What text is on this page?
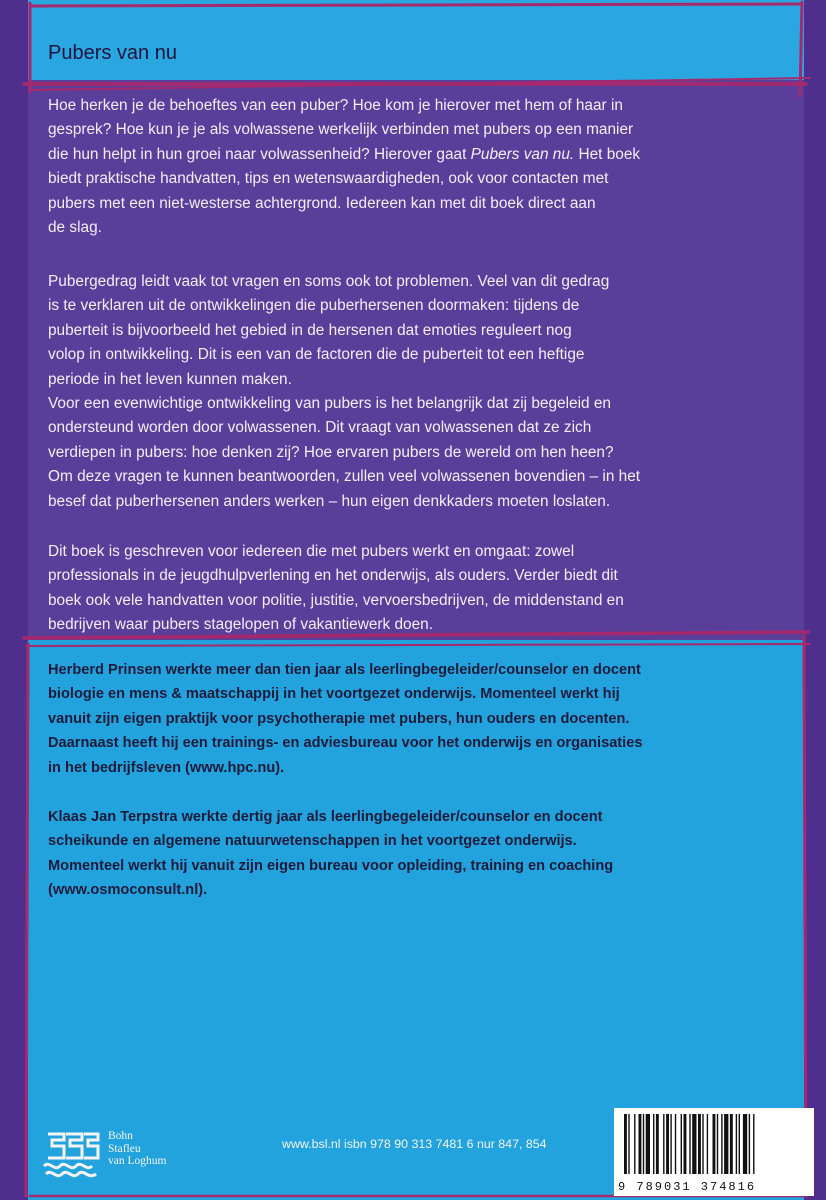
Pubers van nu

Hoe herken je de behoeftes van een puber? Hoe kom je hierover met hem of haar in

gesprek? Hoe kun je je als volwassene werkelijk verbinden met pubers op een manier

die hun helpt in hun groei naar volwassenheid? Hierover gaat Pubers van nu. Het boek

biedt praktische handvatten, tips en wetenswaardigheden, ook voor contacten met

pubers met een niet-westerse achtergrond. Iedereen kan met dit boek direct aan

de slag.

Pubergedrag leidt vaak tot vragen en soms ook tot problemen. Veel van dit gedrag

is te verklaren uit de ontwikkelingen die puberhersenen doormaken: tijdens de

puberteit is bijvoorbeeld het gebied in de hersenen dat emoties reguleert nog

volop in ontwikkeling. Dit is een van de factoren die de puberteit tot een heftige

periode in het leven kunnen maken.

Voor een evenwichtige ontwikkeling van pubers is het belangrijk dat zij begeleid en

ondersteund worden door volwassenen. Dit vraagt van volwassenen dat ze zich

verdiepen in pubers: hoe denken zij? Hoe ervaren pubers de wereld om hen heen?

Om deze vragen te kunnen beantwoorden, zullen veel volwassenen bovendien – in het

besef dat puberhersenen anders werken – hun eigen denkkaders moeten loslaten.

Dit boek is geschreven voor iedereen die met pubers werkt en omgaat: zowel

professionals in de jeugdhulpverlening en het onderwijs, als ouders. Verder biedt dit

boek ook vele handvatten voor politie, justitie, vervoersbedrijven, de middenstand en

bedrijven waar pubers stagelopen of vakantiewerk doen.

Herberd Prinsen werkte meer dan tien jaar als leerlingbegeleider/counselor en docent

biologie en mens & maatschappij in het voortgezet onderwijs. Momenteel werkt hij

vanuit zijn eigen praktijk voor psychotherapie met pubers, hun ouders en docenten.

Daarnaast heeft hij een trainings- en adviesbureau voor het onderwijs en organisaties

in het bedrijfsleven (www.hpc.nu).

Klaas Jan Terpstra werkte dertig jaar als leerlingbegeleider/counselor en docent

scheikunde en algemene natuurwetenschappen in het voortgezet onderwijs.

Momenteel werkt hij vanuit zijn eigen bureau voor opleiding, training en coaching

(www.osmoconsult.nl).

Bohn
Stafleu
van Loghum
www.bsl.nl isbn 978 90 313 7481 6 nur 847, 854
9 789031 374816
